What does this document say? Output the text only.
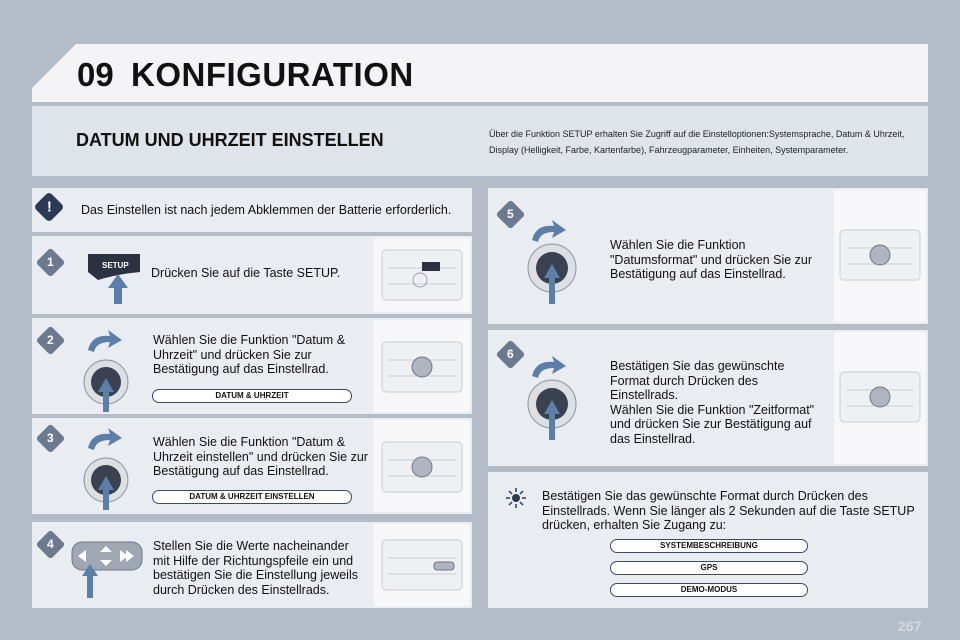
09 KONFIGURATION
DATUM UND UHRZEIT EINSTELLEN	Über die Funktion SETUP erhalten Sie Zugriff auf die Einstelloptionen:Systemsprache, Datum & Uhrzeit, Display (Helligkeit, Farbe, Kartenfarbe), Fahrzeugparameter, Einheiten, Systemparameter.
!	Das Einstellen ist nach jedem Abklemmen der Batterie erforderlich.
1	SETUP
Drücken Sie auf die Taste SETUP.
2	Wählen Sie die Funktion "Datum & Uhrzeit" und drücken Sie zur Bestätigung auf das Einstellrad.
DATUM & UHRZEIT
3	Wählen Sie die Funktion "Datum & Uhrzeit einstellen" und drücken Sie zur Bestätigung auf das Einstellrad.
DATUM & UHRZEIT EINSTELLEN
4	Stellen Sie die Werte nacheinander mit Hilfe der Richtungspfeile ein und bestätigen Sie die Einstellung jeweils durch Drücken des Einstellrads.
5
Wählen Sie die Funktion "Datumsformat" und drücken Sie zur Bestätigung auf das Einstellrad.
6
Bestätigen Sie das gewünschte Format durch Drücken des Einstellrads.
Wählen Sie die Funktion "Zeitformat" und drücken Sie zur Bestätigung auf das Einstellrad.
Bestätigen Sie das gewünschte Format durch Drücken des Einstellrads. Wenn Sie länger als 2 Sekunden auf die Taste SETUP drücken, erhalten Sie Zugang zu:
SYSTEMBESCHREIBUNG
GPS
DEMO-MODUS
267
